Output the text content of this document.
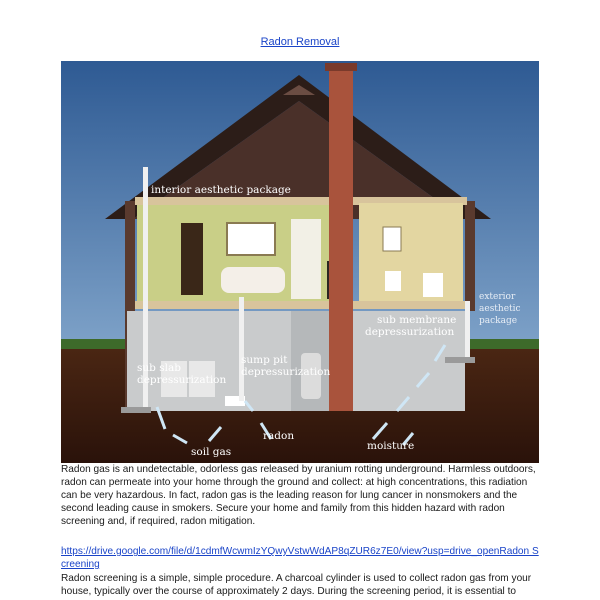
Radon Removal
interior aesthetic package
exterior
aesthetic
package
sub membrane
depressurization
sub slab
depressurization
sump pit
depressurization
radon
soil gas	moisture

Radon gas is an undetectable, odorless gas released by uranium rotting underground. Harmless outdoors, radon can permeate into your home through the ground and collect: at high concentrations, this radiation can be very hazardous. In fact, radon gas is the leading reason for lung cancer in nonsmokers and the second leading cause in smokers. Secure your home and family from this hidden hazard with radon screening and, if required, radon mitigation.

https://drive.google.com/file/d/1cdmfWcwmIzYQwyVstwWdAP8qZUR6z7E0/view?usp=drive_openRadon Screening

Radon screening is a simple, simple procedure. A charcoal cylinder is used to collect radon gas from your house, typically over the course of approximately 2 days. During the screening period, it is essential to
